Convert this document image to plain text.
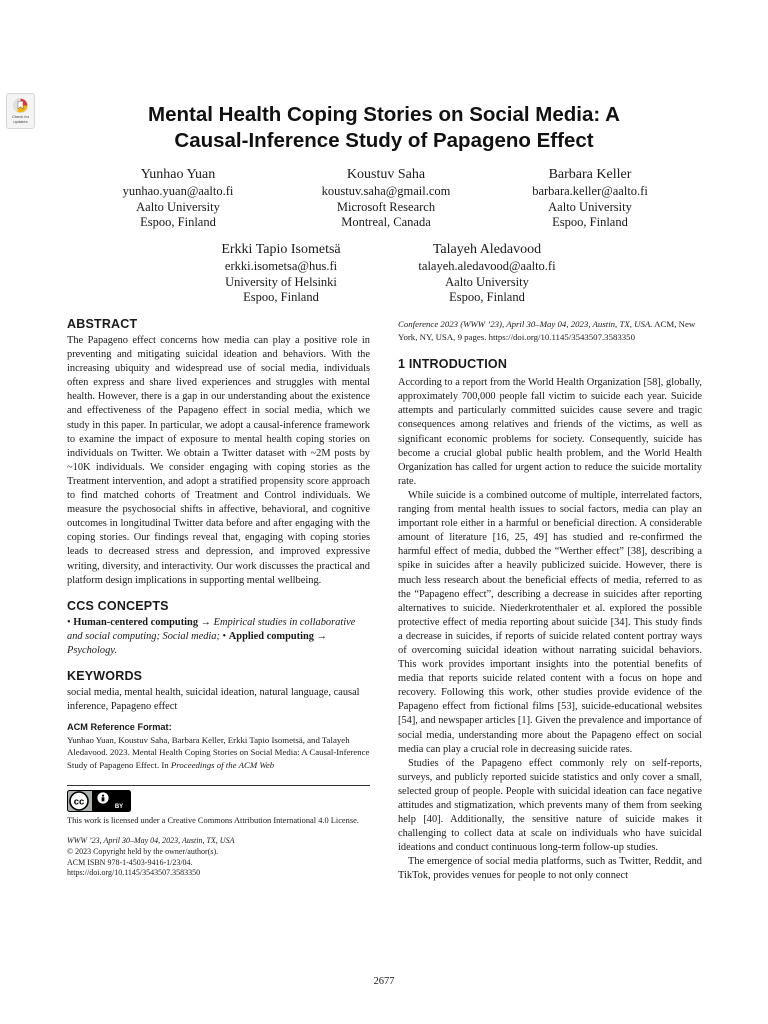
Check for updates	Mental Health Coping Stories on Social Media: A
Causal-Inference Study of Papageno Effect
Yunhao Yuan
yunhao.yuan@aalto.fi
Aalto University
Espoo, Finland
Koustuv Saha
koustuv.saha@gmail.com
Microsoft Research
Montreal, Canada
Barbara Keller
barbara.keller@aalto.fi
Aalto University
Espoo, Finland
Erkki Tapio Isometsä
erkki.isometsa@hus.fi
University of Helsinki
Espoo, Finland
Talayeh Aledavood
talayeh.aledavood@aalto.fi
Aalto University
Espoo, Finland
ABSTRACT

The Papageno effect concerns how media can play a positive role in preventing and mitigating suicidal ideation and behaviors. With the increasing ubiquity and widespread use of social media, individuals often express and share lived experiences and struggles with mental health. However, there is a gap in our understanding about the existence and effectiveness of the Papageno effect in social media, which we study in this paper. In particular, we adopt a causal-inference framework to examine the impact of exposure to mental health coping stories on individuals on Twitter. We obtain a Twitter dataset with ~2M posts by ~10K individuals. We consider engaging with coping stories as the Treatment intervention, and adopt a stratified propensity score approach to find matched cohorts of Treatment and Control individuals. We measure the psychosocial shifts in affective, behavioral, and cognitive outcomes in longitudinal Twitter data before and after engaging with the coping stories. Our findings reveal that, engaging with coping stories leads to decreased stress and depression, and improved expressive writing, diversity, and interactivity. Our work discusses the practical and platform design implications in supporting mental wellbeing.

CCS CONCEPTS

• Human-centered computing → Empirical studies in collaborative and social computing; Social media; • Applied computing → Psychology.

KEYWORDS

social media, mental health, suicidal ideation, natural language, causal inference, Papageno effect

ACM Reference Format:

Yunhao Yuan, Koustuv Saha, Barbara Keller, Erkki Tapio Isometsä, and Talayeh Aledavood. 2023. Mental Health Coping Stories on Social Media: A Causal-Inference Study of Papageno Effect. In Proceedings of the ACM Web

cc	BY

This work is licensed under a Creative Commons Attribution International 4.0 License.

WWW ’23, April 30–May 04, 2023, Austin, TX, USA
© 2023 Copyright held by the owner/author(s).
ACM ISBN 978-1-4503-9416-1/23/04.
https://doi.org/10.1145/3543507.3583350

Conference 2023 (WWW ’23), April 30–May 04, 2023, Austin, TX, USA. ACM, New York, NY, USA, 9 pages. https://doi.org/10.1145/3543507.3583350

1 INTRODUCTION

According to a report from the World Health Organization [58], globally, approximately 700,000 people fall victim to suicide each year. Suicide attempts and particularly committed suicides cause severe and tragic consequences among relatives and friends of the victims, as well as significant economic problems for society. Consequently, suicide has become a crucial global public health problem, and the World Health Organization has called for urgent action to reduce the suicide mortality rate.

While suicide is a combined outcome of multiple, interrelated factors, ranging from mental health issues to social factors, media can play an important role either in a harmful or beneficial direction. A considerable amount of literature [16, 25, 49] has studied and re-confirmed the harmful effect of media, dubbed the “Werther effect” [38], describing a spike in suicides after a heavily publicized suicide. However, there is much less research about the beneficial effects of media, referred to as the “Papageno effect”, describing a decrease in suicides after reporting alternatives to suicide. Niederkrotenthaler et al. explored the possible protective effect of media reporting about suicide [34]. This study finds a decrease in suicides, if reports of suicide related content portray ways of overcoming suicidal ideation without narrating suicidal behaviors. This work provides important insights into the potential benefits of media that reports suicide related content with a focus on hope and recovery. Following this work, other studies provide evidence of the Papageno effect from fictional films [53], suicide-educational websites [54], and newspaper articles [1]. Given the prevalence and importance of social media, understanding more about the Papageno effect on social media can play a crucial role in decreasing suicide rates.

Studies of the Papageno effect commonly rely on self-reports, surveys, and publicly reported suicide statistics and only cover a small, selected group of people. People with suicidal ideation can face negative attitudes and stigmatization, which prevents many of them from seeking help [40]. Additionally, the sensitive nature of suicide makes it challenging to collect data at scale on individuals who have suicidal ideations and conduct continuous long-term follow-up studies.

The emergence of social media platforms, such as Twitter, Reddit, and TikTok, provides venues for people to not only connect

2677
